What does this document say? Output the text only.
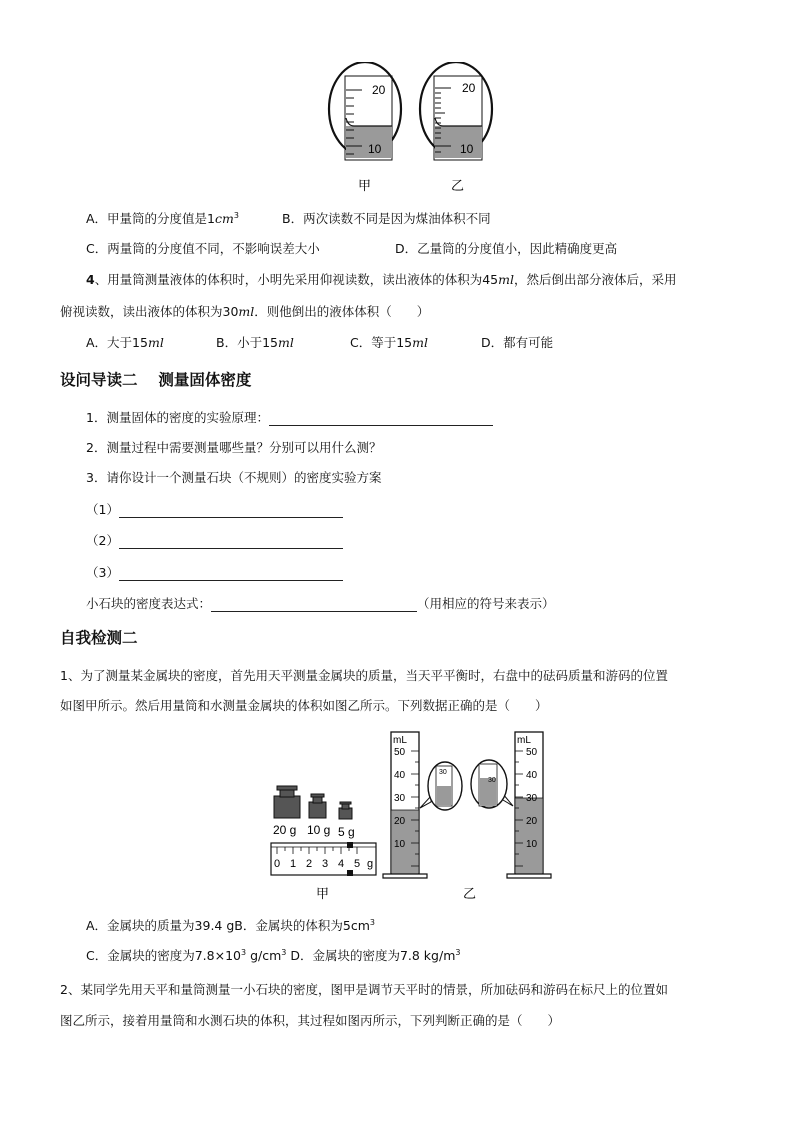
20
10
20
10
甲	乙
A．甲量筒的分度值是$1cm^3$	B．两次读数不同是因为煤油体积不同
C．两量筒的分度值不同，不影响误差大小	D．乙量筒的分度值小，因此精确度更高
4、用量筒测量液体的体积时，小明先采用仰视读数，读出液体的体积为45ml，然后倒出部分液体后，采用
俯视读数，读出液体的体积为30ml．则他倒出的液体体积（　　）
A．大于15ml	B．小于15ml	C．等于15ml	D．都有可能
设问导读二　 测量固体密度
1．测量固体的密度的实验原理：
2．测量过程中需要测量哪些量？分别可以用什么测？
3．请你设计一个测量石块（不规则）的密度实验方案
（1）
（2）
（3）
小石块的密度表达式：	（用相应的符号来表示）
自我检测二
1、为了测量某金属块的密度，首先用天平测量金属块的质量，当天平平衡时，右盘中的砝码质量和游码的位置
如图甲所示。然后用量筒和水测量金属块的体积如图乙所示。下列数据正确的是（　　）
20 g 10 g 5 g
0 1 2 3 4 5 g
mL
50
40
30
20
10
30
30
mL
50
40
30
20
10
甲	乙
A．金属块的质量为39.4 gB．金属块的体积为$5cm^3$
C．金属块的密度为$7.8\times 10^3$ $g/cm^3$ D．金属块的密度为7.8 $kg/m^3$
2、某同学先用天平和量筒测量一小石块的密度，图甲是调节天平时的情景，所加砝码和游码在标尺上的位置如
图乙所示，接着用量筒和水测石块的体积，其过程如图丙所示，下列判断正确的是（　　）
